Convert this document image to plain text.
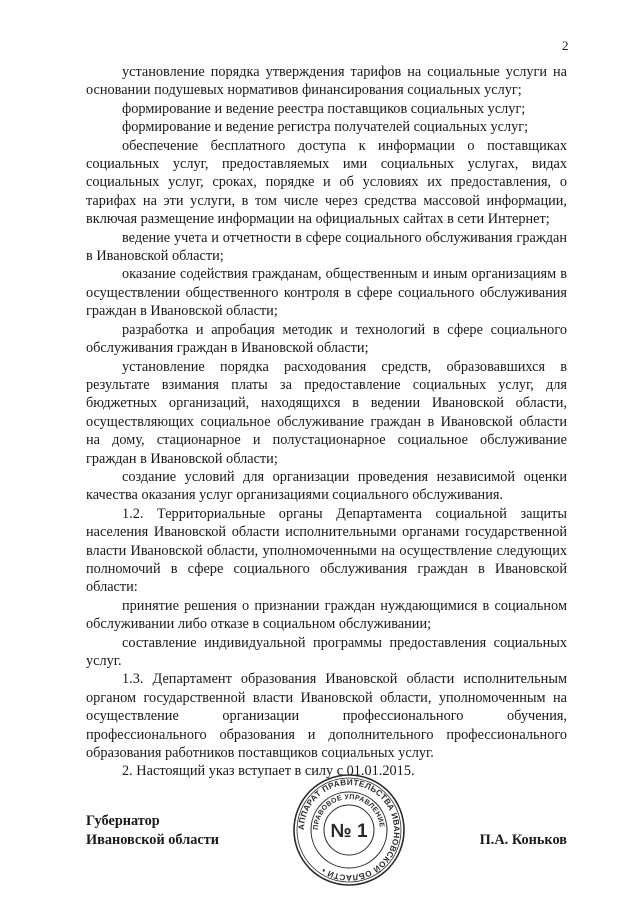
2

установление порядка утверждения тарифов на социальные услуги на основании подушевых нормативов финансирования социальных услуг;

формирование и ведение реестра поставщиков социальных услуг;

формирование и ведение регистра получателей социальных услуг;

обеспечение бесплатного доступа к информации о поставщиках социальных услуг, предоставляемых ими социальных услугах, видах социальных услуг, сроках, порядке и об условиях их предоставления, о тарифах на эти услуги, в том числе через средства массовой информации, включая размещение информации на официальных сайтах в сети Интернет;

ведение учета и отчетности в сфере социального обслуживания граждан в Ивановской области;

оказание содействия гражданам, общественным и иным организациям в осуществлении общественного контроля в сфере социального обслуживания граждан в Ивановской области;

разработка и апробация методик и технологий в сфере социального обслуживания граждан в Ивановской области;

установление порядка расходования средств, образовавшихся в результате взимания платы за предоставление социальных услуг, для бюджетных организаций, находящихся в ведении Ивановской области, осуществляющих социальное обслуживание граждан в Ивановской области на дому, стационарное и полустационарное социальное обслуживание граждан в Ивановской области;

создание условий для организации проведения независимой оценки качества оказания услуг организациями социального обслуживания.

1.2. Территориальные органы Департамента социальной защиты населения Ивановской области исполнительными органами государственной власти Ивановской области, уполномоченными на осуществление следующих полномочий в сфере социального обслуживания граждан в Ивановской области:

принятие решения о признании граждан нуждающимися в социальном обслуживании либо отказе в социальном обслуживании;

составление индивидуальной программы предоставления социальных услуг.

1.3. Департамент образования Ивановской области исполнительным органом государственной власти Ивановской области, уполномоченным на осуществление организации профессионального обучения, профессионального образования и дополнительного профессионального образования работников поставщиков социальных услуг.

2. Настоящий указ вступает в силу с 01.01.2015.

Губернатор
Ивановской области
АППАРАТ ПРАВИТЕЛЬСТВА ИВАНОВСКОЙ ОБЛАСТИ •
ПРАВОВОЕ УПРАВЛЕНИЕ
№ 1	П.А. Коньков
